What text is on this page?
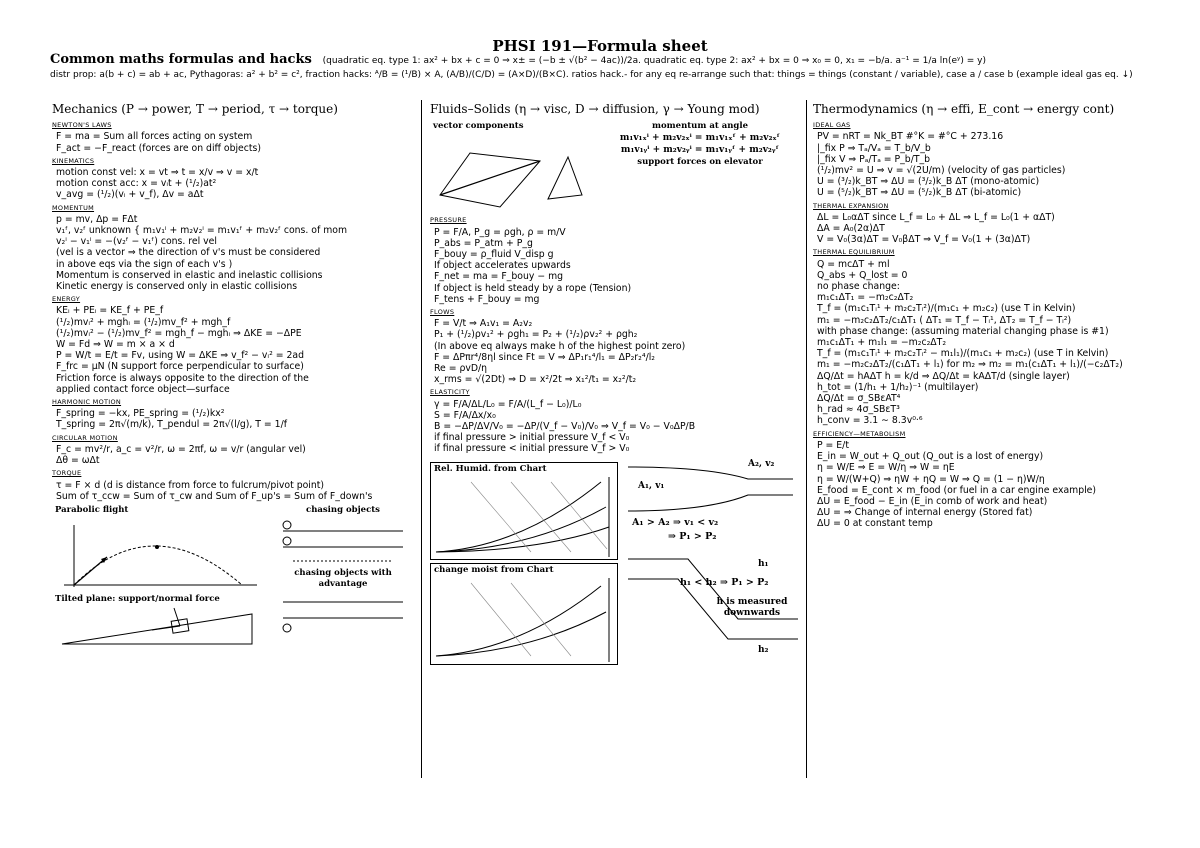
PHSI 191—Formula sheet
Common maths formulas and hacks (quadratic eq. type 1: ax² + bx + c = 0 ⇒ x± = (−b ± √(b² − 4ac))/2a. quadratic eq. type 2: ax² + bx = 0 ⇒ x₀ = 0, x₁ = −b/a. a⁻¹ = 1/a ln(eʸ) = y)
distr prop: a(b + c) = ab + ac, Pythagoras: a² + b² = c², fraction hacks: ᴬ/B = (¹/B) × A, (A/B)/(C/D) = (A×D)/(B×C). ratios hack.- for any eq re-arrange such that: things = things (constant / variable), case a / case b (example ideal gas eq. ↓)
Mechanics (P → power, T → period, τ → torque)
NEWTON'S LAWS
F = ma = Sum all forces acting on system
F_act = −F_react (forces are on diff objects)
KINEMATICS
motion const vel: x = vt ⇒ t = x/v ⇒ v = x/t
motion const acc: x = vᵢt + (¹/₂)at²
v_avg = (¹/₂)(vᵢ + v_f), Δv = aΔt
MOMENTUM
p = mv, Δp = FΔt
v₁ᶠ, v₂ᶠ unknown { m₁v₁ⁱ + m₂v₂ⁱ = m₁v₁ᶠ + m₂v₂ᶠ cons. of mom
v₂ⁱ − v₁ⁱ = −(v₂ᶠ − v₁ᶠ) cons. rel vel
(vel is a vector ⇒ the direction of v's must be considered
in above eqs via the sign of each v's )
Momentum is conserved in elastic and inelastic collisions
Kinetic energy is conserved only in elastic collisions
ENERGY
KEᵢ + PEᵢ = KE_f + PE_f
(¹/₂)mvᵢ² + mghᵢ = (¹/₂)mv_f² + mgh_f
(¹/₂)mvᵢ² − (¹/₂)mv_f² = mgh_f − mghᵢ ⇒ ΔKE = −ΔPE
W = Fd ⇒ W = m × a × d
P = W/t = E/t = Fv, using W = ΔKE ⇒ v_f² − vᵢ² = 2ad
F_frc = μN (N support force perpendicular to surface)
Friction force is always opposite to the direction of the
applied contact force object—surface
HARMONIC MOTION
F_spring = −kx, PE_spring = (¹/₂)kx²
T_spring = 2π√(m/k), T_pendul = 2π√(l/g), T = 1/f
CIRCULAR MOTION
F_c = mv²/r, a_c = v²/r, ω = 2πf, ω = v/r (angular vel)
Δθ = ωΔt
TORQUE
τ = F × d (d is distance from force to fulcrum/pivot point)
Sum of τ_ccw = Sum of τ_cw and Sum of F_up's = Sum of F_down's
Parabolic flight
Tilted plane: support/normal force
chasing objects
chasing objects with advantage
Fluids–Solids (η → visc, D → diffusion, γ → Young mod)
vector components	momentum at angle
m₁v₁ₓⁱ + m₂v₂ₓⁱ = m₁v₁ₓᶠ + m₂v₂ₓᶠ
m₁v₁ᵧⁱ + m₂v₂ᵧⁱ = m₁v₁ᵧᶠ + m₂v₂ᵧᶠ
support forces on elevator
PRESSURE
P = F/A, P_g = ρgh, ρ = m/V
P_abs = P_atm + P_g
F_bouy = ρ_fluid V_disp g
If object accelerates upwards
F_net = ma = F_bouy − mg
If object is held steady by a rope (Tension)
F_tens + F_bouy = mg
FLOWS
F = V/t ⇒ A₁v₁ = A₂v₂
P₁ + (¹/₂)ρv₁² + ρgh₁ = P₂ + (¹/₂)ρv₂² + ρgh₂
(In above eq always make h of the highest point zero)
F = ΔPπr⁴/8ηl since Ft = V ⇒ ΔP₁r₁⁴/l₁ = ΔP₂r₂⁴/l₂
Re = ρvD/η
x_rms = √(2Dt) ⇒ D = x²/2t ⇒ x₁²/t₁ = x₂²/t₂
ELASTICITY
γ = F/A/ΔL/L₀ = F/A/(L_f − L₀)/L₀
S = F/A/Δx/x₀
B = −ΔP/ΔV/V₀ = −ΔP/(V_f − V₀)/V₀ ⇒ V_f = V₀ − V₀ΔP/B
if final pressure > initial pressure V_f < V₀
if final pressure < initial pressure V_f > V₀
Rel. Humid. from Chart
change moist from Chart
A₂, v₂
A₁, v₁
A₁ > A₂ ⇒ v₁ < v₂
⇒ P₁ > P₂
h₁
h₁ < h₂ ⇒ P₁ > P₂
h is measured downwards
h₂
Thermodynamics (η → effi, E_cont → energy cont)
IDEAL GAS
PV = nRT = Nk_BT #°K = #°C + 273.16
|_fix P ⇒ Tₐ/Vₐ = T_b/V_b
|_fix V ⇒ Pₐ/Tₐ = P_b/T_b
(¹/₂)mv² = U ⇒ v = √(2U/m) (velocity of gas particles)
U = (³/₂)k_BT ⇒ ΔU = (³/₂)k_B ΔT (mono-atomic)
U = (⁵/₂)k_BT ⇒ ΔU = (⁵/₂)k_B ΔT (bi-atomic)
THERMAL EXPANSION
ΔL = L₀αΔT since L_f = L₀ + ΔL ⇒ L_f = L₀(1 + αΔT)
ΔA = A₀(2α)ΔT
V = V₀(3α)ΔT = V₀βΔT ⇒ V_f = V₀(1 + (3α)ΔT)
THERMAL EQUILIBRIUM
Q = mcΔT + ml
Q_abs + Q_lost = 0
no phase change:
m₁c₁ΔT₁ = −m₂c₂ΔT₂
T_f = (m₁c₁Tᵢ¹ + m₂c₂Tᵢ²)/(m₁c₁ + m₂c₂) (use T in Kelvin)
m₁ = −m₂c₂ΔT₂/c₁ΔT₁ ( ΔT₁ = T_f − Tᵢ¹, ΔT₂ = T_f − Tᵢ²)
with phase change: (assuming material changing phase is #1)
m₁c₁ΔT₁ + m₁l₁ = −m₂c₂ΔT₂
T_f = (m₁c₁Tᵢ¹ + m₂c₂Tᵢ² − m₁l₁)/(m₁c₁ + m₂c₂) (use T in Kelvin)
m₁ = −m₂c₂ΔT₂/(c₁ΔT₁ + l₁) for m₂ ⇒ m₂ = m₁(c₁ΔT₁ + l₁)/(−c₂ΔT₂)
ΔQ/Δt = hAΔT h = k/d ⇒ ΔQ/Δt = kAΔT/d (single layer)
h_tot = (1/h₁ + 1/h₂)⁻¹ (multilayer)
ΔQ/Δt = σ_SBεAT⁴
h_rad ≈ 4σ_SBεT³
h_conv = 3.1 ∼ 8.3v⁰·⁶
EFFICIENCY—METABOLISM
P = E/t
E_in = W_out + Q_out (Q_out is a lost of energy)
η = W/E ⇒ E = W/η ⇒ W = ηE
η = W/(W+Q) ⇒ ηW + ηQ = W ⇒ Q = (1 − η)W/η
E_food = E_cont × m_food (or fuel in a car engine example)
ΔU = E_food − E_in (E_in comb of work and heat)
ΔU = ⇒ Change of internal energy (Stored fat)
ΔU = 0 at constant temp
